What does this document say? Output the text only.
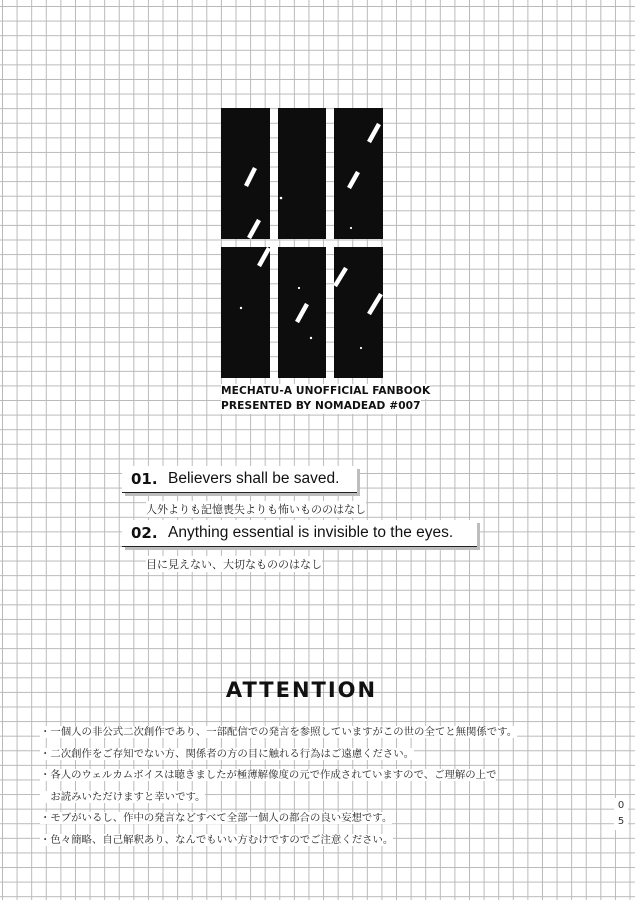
MECHATU-A UNOFFICIAL FANBOOK
PRESENTED BY NOMADEAD #007
01. Believers shall be saved.
人外よりも記憶喪失よりも怖いもののはなし
02. Anything essential is invisible to the eyes.
目に見えない、大切なもののはなし
ATTENTION
・一個人の非公式二次創作であり、一部配信での発言を参照していますがこの世の全てと無関係です。
・二次創作をご存知でない方、関係者の方の目に触れる行為はご遠慮ください。
・各人のウェルカムボイスは聴きましたが極薄解像度の元で作成されていますので、ご理解の上で
　お読みいただけますと幸いです。
・モブがいるし、作中の発言などすべて全部一個人の都合の良い妄想です。
・色々簡略、自己解釈あり、なんでもいい方むけですのでご注意ください。
0
5
